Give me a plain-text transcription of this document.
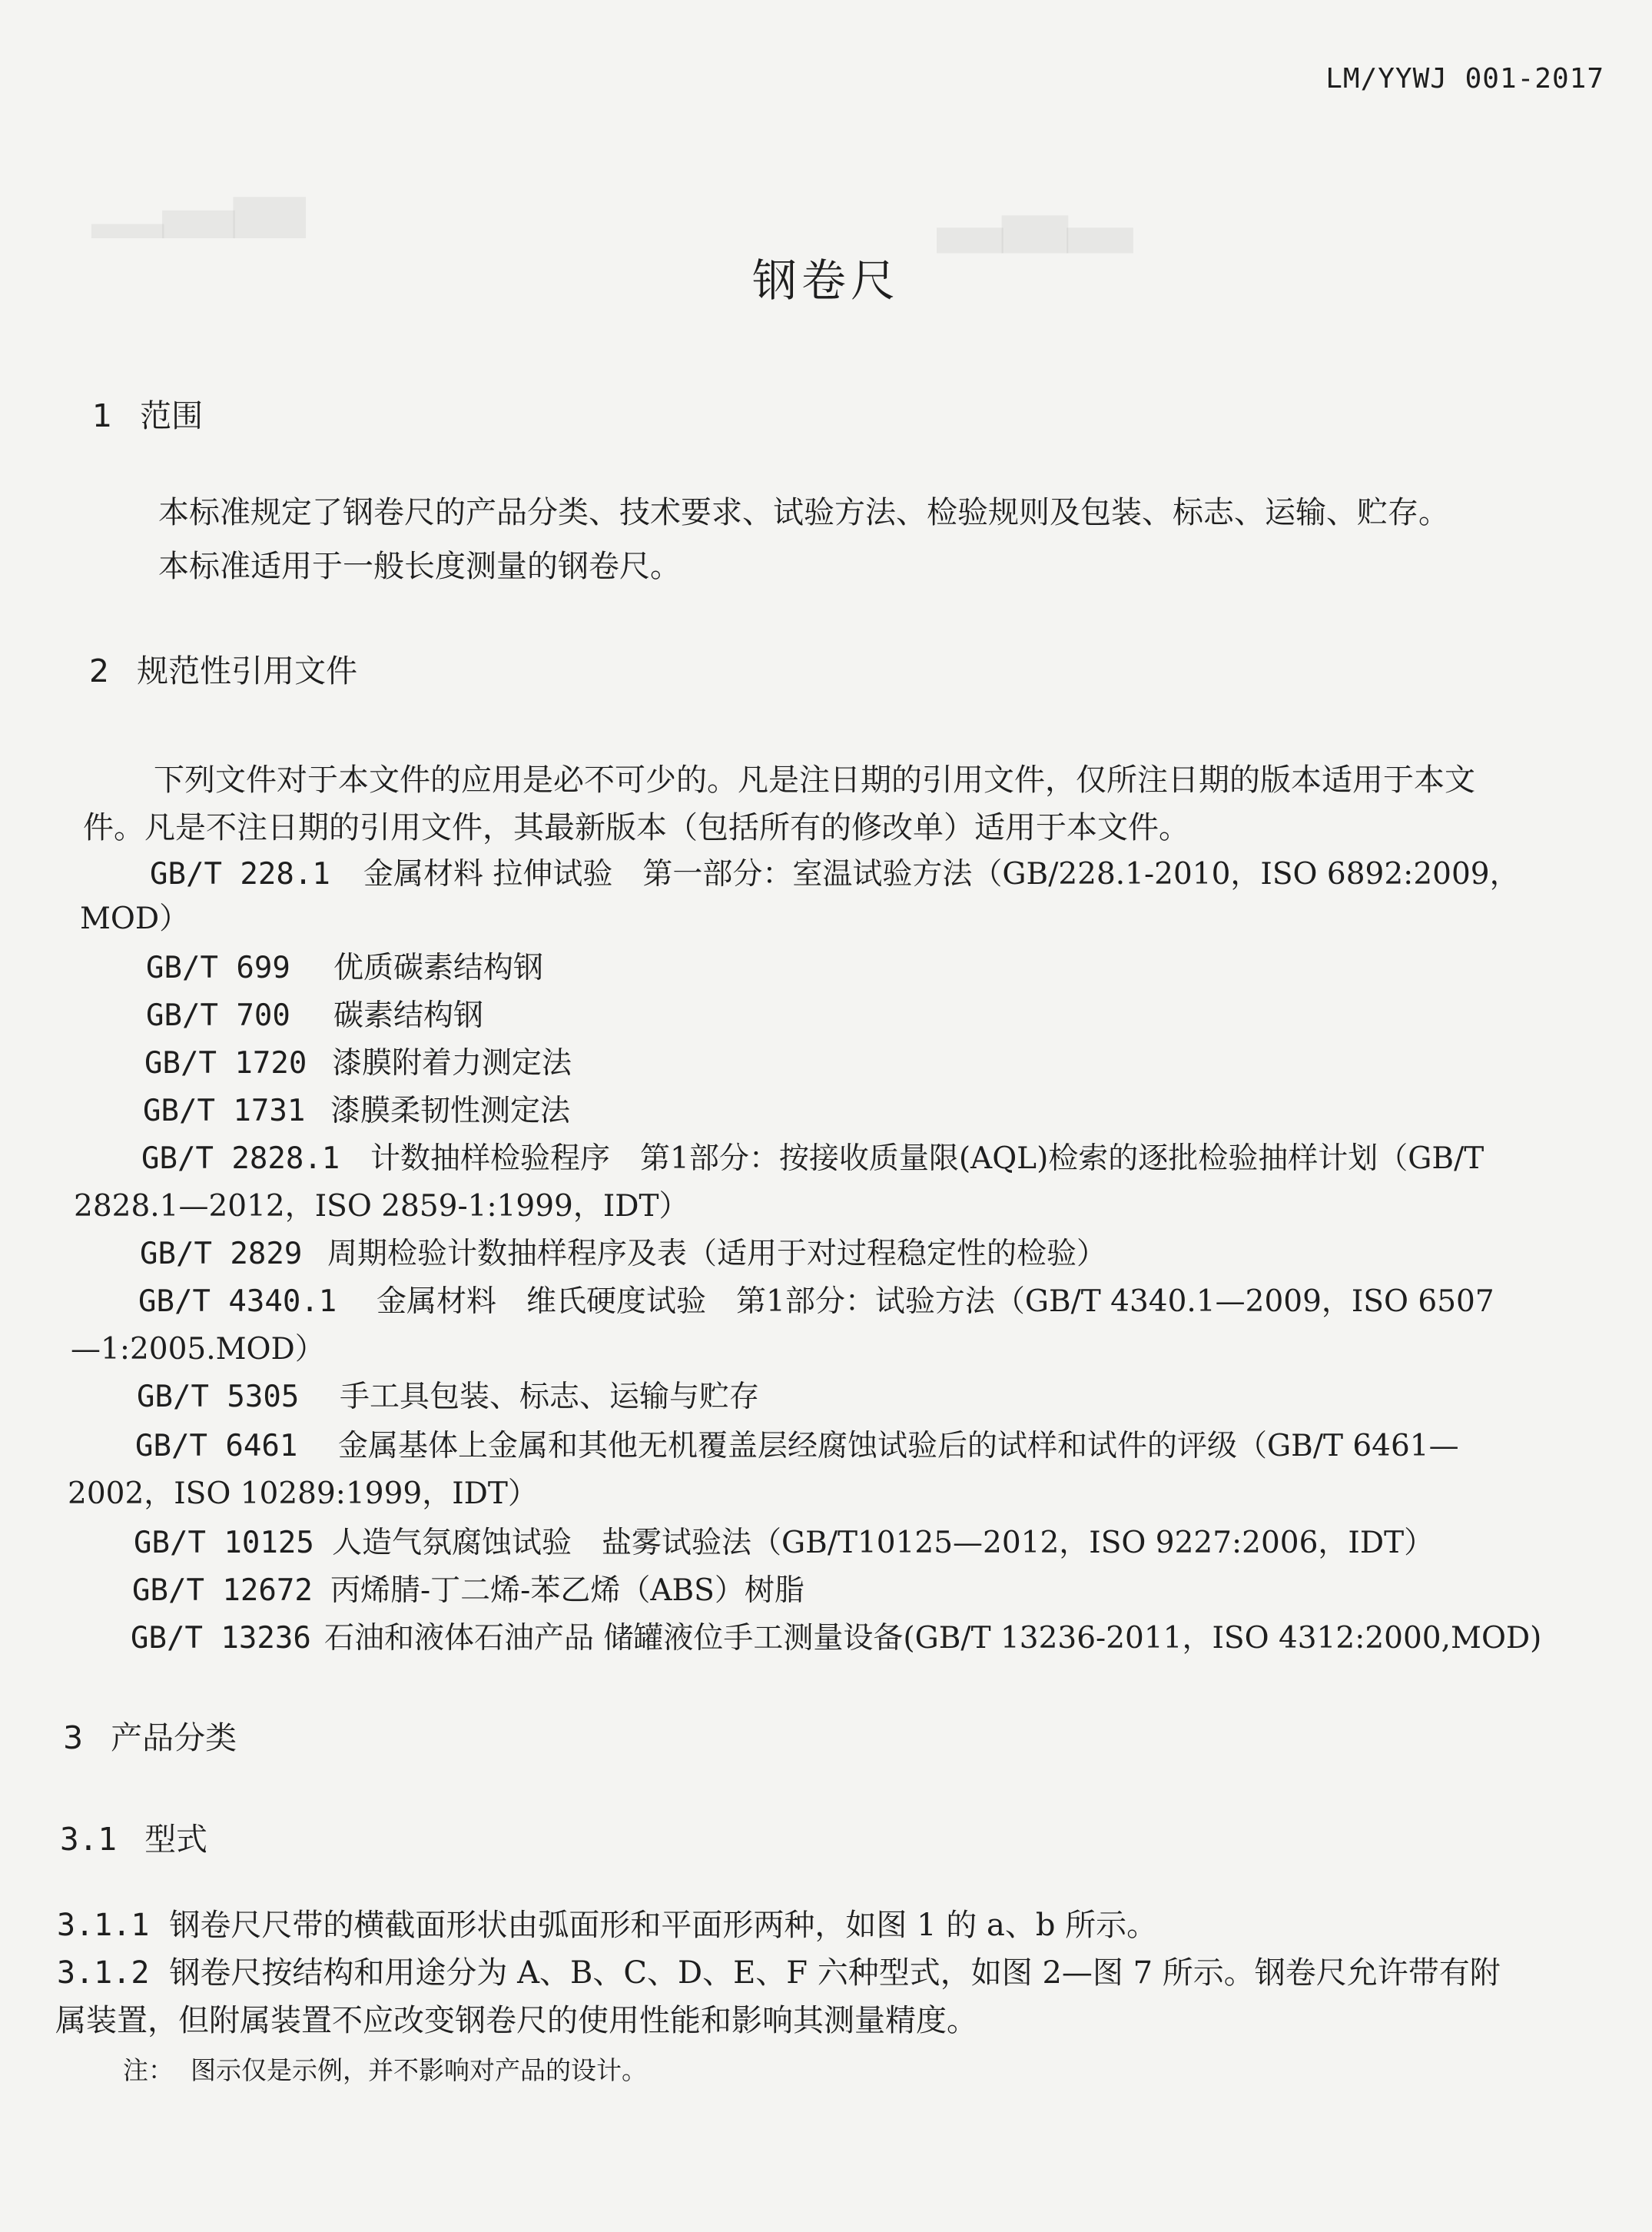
▁▂▃	▂▃▂
LM/YYWJ 001-2017
钢卷尺
1 范围
本标准规定了钢卷尺的产品分类、技术要求、试验方法、检验规则及包装、标志、运输、贮存。
本标准适用于一般长度测量的钢卷尺。
2 规范性引用文件
下列文件对于本文件的应用是必不可少的。凡是注日期的引用文件，仅所注日期的版本适用于本文
件。凡是不注日期的引用文件，其最新版本（包括所有的修改单）适用于本文件。
GB/T 228.1 金属材料 拉伸试验　第一部分：室温试验方法（GB/228.1-2010，ISO 6892:2009，
MOD）
GB/T 699 优质碳素结构钢
GB/T 700 碳素结构钢
GB/T 1720 漆膜附着力测定法
GB/T 1731 漆膜柔韧性测定法
GB/T 2828.1 计数抽样检验程序　第1部分：按接收质量限(AQL)检索的逐批检验抽样计划（GB/T
2828.1—2012，ISO 2859-1:1999，IDT）
GB/T 2829 周期检验计数抽样程序及表（适用于对过程稳定性的检验）
GB/T 4340.1 金属材料　维氏硬度试验　第1部分：试验方法（GB/T 4340.1—2009，ISO 6507
—1:2005.MOD）
GB/T 5305 手工具包装、标志、运输与贮存
GB/T 6461 金属基体上金属和其他无机覆盖层经腐蚀试验后的试样和试件的评级（GB/T 6461—
2002，ISO 10289:1999，IDT）
GB/T 10125 人造气氛腐蚀试验　盐雾试验法（GB/T10125—2012，ISO 9227:2006，IDT）
GB/T 12672 丙烯腈-丁二烯-苯乙烯（ABS）树脂
GB/T 13236 石油和液体石油产品 储罐液位手工测量设备(GB/T 13236-2011，ISO 4312:2000,MOD)
3 产品分类
3.1 型式
3.1.1 钢卷尺尺带的横截面形状由弧面形和平面形两种，如图 1 的 a、b 所示。
3.1.2 钢卷尺按结构和用途分为 A、B、C、D、E、F 六种型式，如图 2—图 7 所示。钢卷尺允许带有附
属装置，但附属装置不应改变钢卷尺的使用性能和影响其测量精度。
注： 图示仅是示例，并不影响对产品的设计。
